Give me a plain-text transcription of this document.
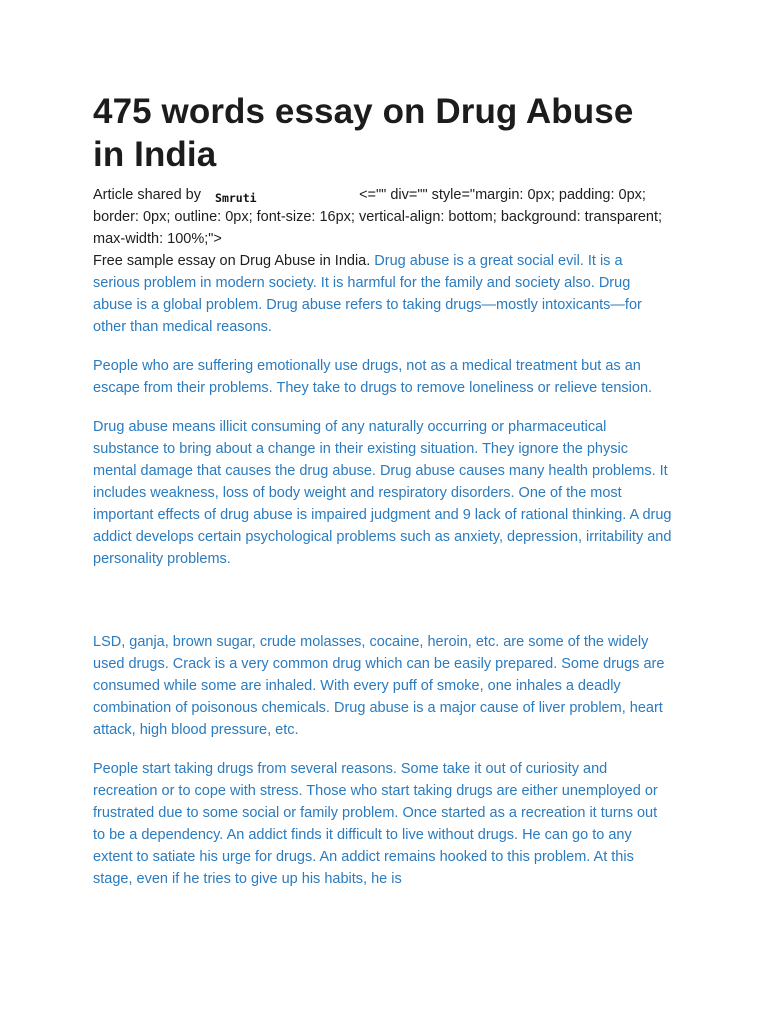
475 words essay on Drug Abuse in India
Article shared by Smruti	<="" div="" style="margin: 0px; padding: 0px; border: 0px; outline: 0px; font-size: 16px; vertical-align: bottom; background: transparent; max-width: 100%;">

Free sample essay on Drug Abuse in India. Drug abuse is a great social evil. It is a serious problem in modern society. It is harmful for the family and society also. Drug abuse is a global problem. Drug abuse refers to taking drugs—mostly intoxicants—for other than medical reasons.

People who are suffering emotionally use drugs, not as a medical treatment but as an escape from their problems. They take to drugs to remove loneliness or relieve tension.

Drug abuse means illicit consuming of any naturally occurring or pharmaceutical substance to bring about a change in their existing situation. They ignore the physic mental damage that causes the drug abuse. Drug abuse causes many health problems. It includes weakness, loss of body weight and respiratory disorders. One of the most important effects of drug abuse is impaired judgment and 9 lack of rational thinking. A drug addict develops certain psychological problems such as anxiety, depression, irritability and personality problems.

LSD, ganja, brown sugar, crude molasses, cocaine, heroin, etc. are some of the widely used drugs. Crack is a very common drug which can be easily prepared. Some drugs are consumed while some are inhaled. With every puff of smoke, one inhales a deadly combination of poisonous chemicals. Drug abuse is a major cause of liver problem, heart attack, high blood pressure, etc.

People start taking drugs from several reasons. Some take it out of curiosity and recreation or to cope with stress. Those who start taking drugs are either unemployed or frustrated due to some social or family problem. Once started as a recreation it turns out to be a dependency. An addict finds it difficult to live without drugs. He can go to any extent to satiate his urge for drugs. An addict remains hooked to this problem. At this stage, even if he tries to give up his habits, he is
